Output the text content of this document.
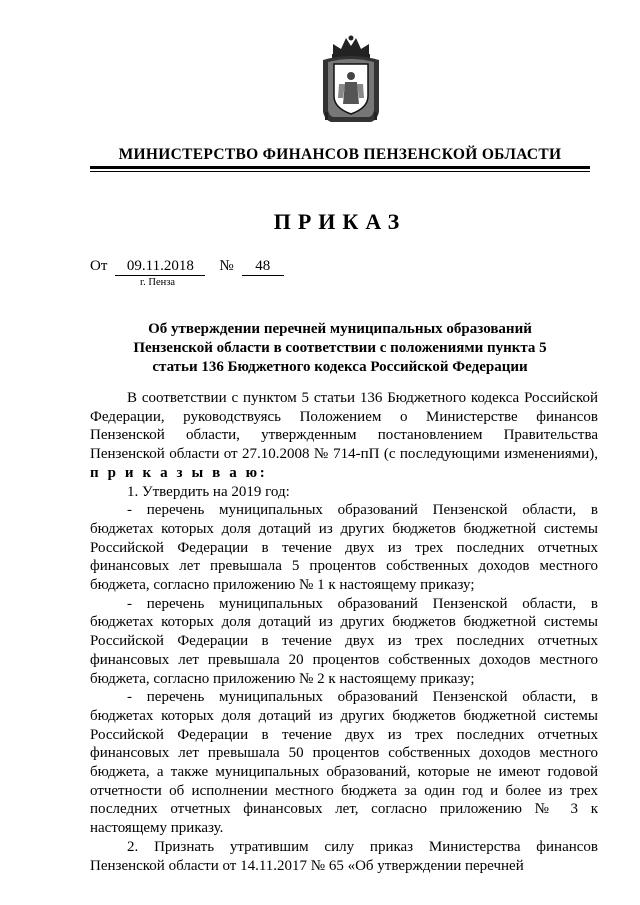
МИНИСТЕРСТВО ФИНАНСОВ ПЕНЗЕНСКОЙ ОБЛАСТИ
ПРИКАЗ
От 09.11.2018 № 48
г. Пенза
Об утверждении перечней муниципальных образований Пензенской области в соответствии с положениями пункта 5 статьи 136 Бюджетного кодекса Российской Федерации

В соответствии с пунктом 5 статьи 136 Бюджетного кодекса Российской Федерации, руководствуясь Положением о Министерстве финансов Пензенской области, утвержденным постановлением Правительства Пензенской области от 27.10.2008 № 714-пП (с последующими изменениями), п р и к а з ы в а ю:

1. Утвердить на 2019 год:

- перечень муниципальных образований Пензенской области, в бюджетах которых доля дотаций из других бюджетов бюджетной системы Российской Федерации в течение двух из трех последних отчетных финансовых лет превышала 5 процентов собственных доходов местного бюджета, согласно приложению № 1 к настоящему приказу;

- перечень муниципальных образований Пензенской области, в бюджетах которых доля дотаций из других бюджетов бюджетной системы Российской Федерации в течение двух из трех последних отчетных финансовых лет превышала 20 процентов собственных доходов местного бюджета, согласно приложению № 2 к настоящему приказу;

- перечень муниципальных образований Пензенской области, в бюджетах которых доля дотаций из других бюджетов бюджетной системы Российской Федерации в течение двух из трех последних отчетных финансовых лет превышала 50 процентов собственных доходов местного бюджета, а также муниципальных образований, которые не имеют годовой отчетности об исполнении местного бюджета за один год и более из трех последних отчетных финансовых лет, согласно приложению № 3 к настоящему приказу.

2. Признать утратившим силу приказ Министерства финансов Пензенской области от 14.11.2017 № 65 «Об утверждении перечней
